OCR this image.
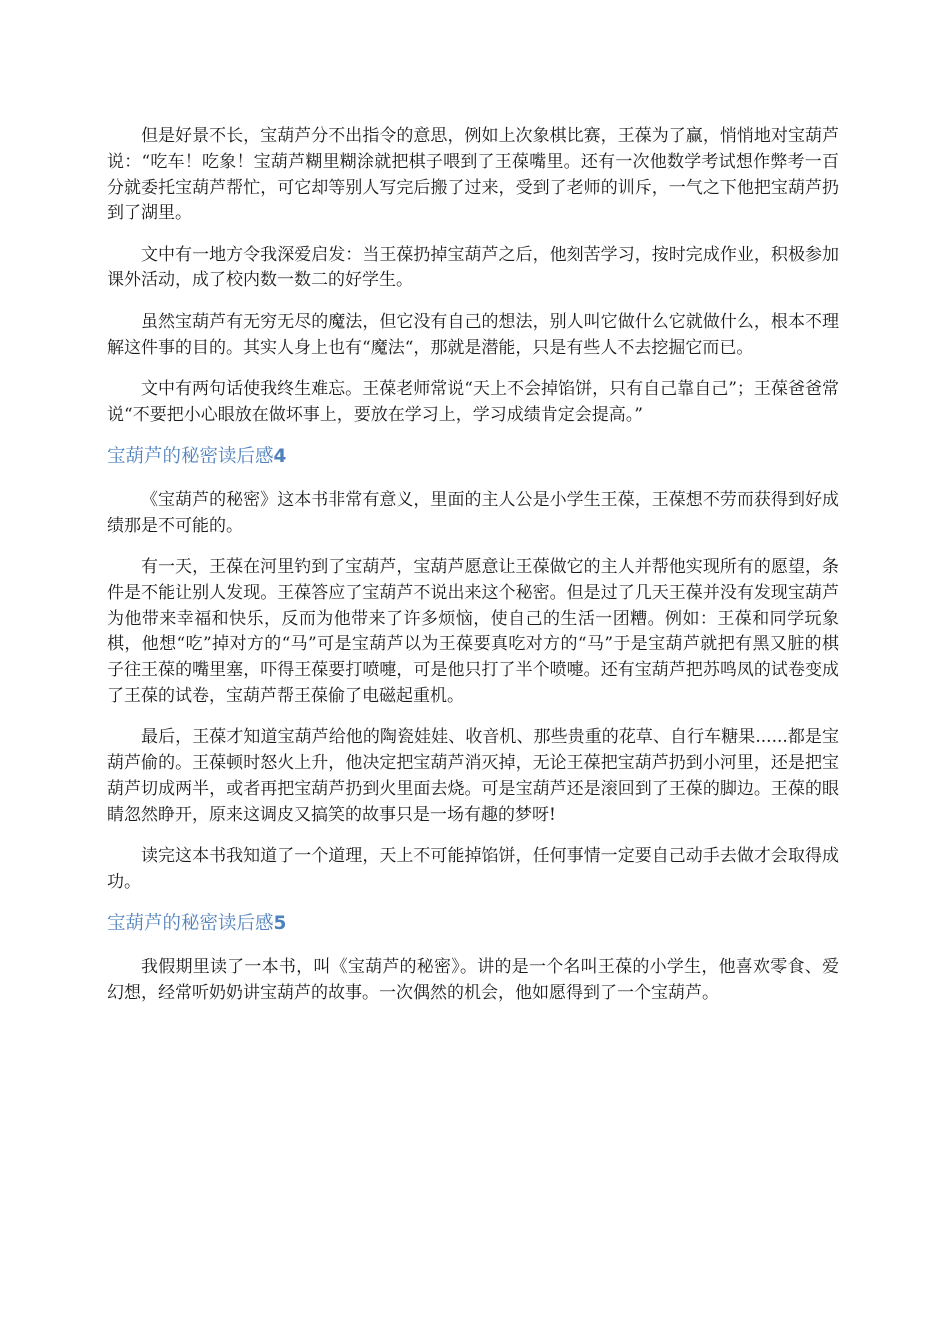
但是好景不长，宝葫芦分不出指令的意思，例如上次象棋比赛，王葆为了赢，悄悄地对宝葫芦说：“吃车！吃象！宝葫芦糊里糊涂就把棋子喂到了王葆嘴里。还有一次他数学考试想作弊考一百分就委托宝葫芦帮忙，可它却等别人写完后搬了过来，受到了老师的训斥，一气之下他把宝葫芦扔到了湖里。

文中有一地方令我深爱启发：当王葆扔掉宝葫芦之后，他刻苦学习，按时完成作业，积极参加课外活动，成了校内数一数二的好学生。

虽然宝葫芦有无穷无尽的魔法，但它没有自己的想法，别人叫它做什么它就做什么，根本不理解这件事的目的。其实人身上也有“魔法“，那就是潜能，只是有些人不去挖掘它而已。

文中有两句话使我终生难忘。王葆老师常说“天上不会掉馅饼，只有自己靠自己”；王葆爸爸常说“不要把小心眼放在做坏事上，要放在学习上，学习成绩肯定会提高。”

宝葫芦的秘密读后感4

《宝葫芦的秘密》这本书非常有意义，里面的主人公是小学生王葆，王葆想不劳而获得到好成绩那是不可能的。

有一天，王葆在河里钓到了宝葫芦，宝葫芦愿意让王葆做它的主人并帮他实现所有的愿望，条件是不能让别人发现。王葆答应了宝葫芦不说出来这个秘密。但是过了几天王葆并没有发现宝葫芦为他带来幸福和快乐，反而为他带来了许多烦恼，使自己的生活一团糟。例如：王葆和同学玩象棋，他想“吃”掉对方的“马”可是宝葫芦以为王葆要真吃对方的“马”于是宝葫芦就把有黑又脏的棋子往王葆的嘴里塞，吓得王葆要打喷嚏，可是他只打了半个喷嚏。还有宝葫芦把苏鸣凤的试卷变成了王葆的试卷，宝葫芦帮王葆偷了电磁起重机。

最后，王葆才知道宝葫芦给他的陶瓷娃娃、收音机、那些贵重的花草、自行车糖果......都是宝葫芦偷的。王葆顿时怒火上升，他决定把宝葫芦消灭掉，无论王葆把宝葫芦扔到小河里，还是把宝葫芦切成两半，或者再把宝葫芦扔到火里面去烧。可是宝葫芦还是滚回到了王葆的脚边。王葆的眼睛忽然睁开，原来这调皮又搞笑的故事只是一场有趣的梦呀!

读完这本书我知道了一个道理，天上不可能掉馅饼，任何事情一定要自己动手去做才会取得成功。

宝葫芦的秘密读后感5

我假期里读了一本书，叫《宝葫芦的秘密》。讲的是一个名叫王葆的小学生，他喜欢零食、爱幻想，经常听奶奶讲宝葫芦的故事。一次偶然的机会，他如愿得到了一个宝葫芦。
